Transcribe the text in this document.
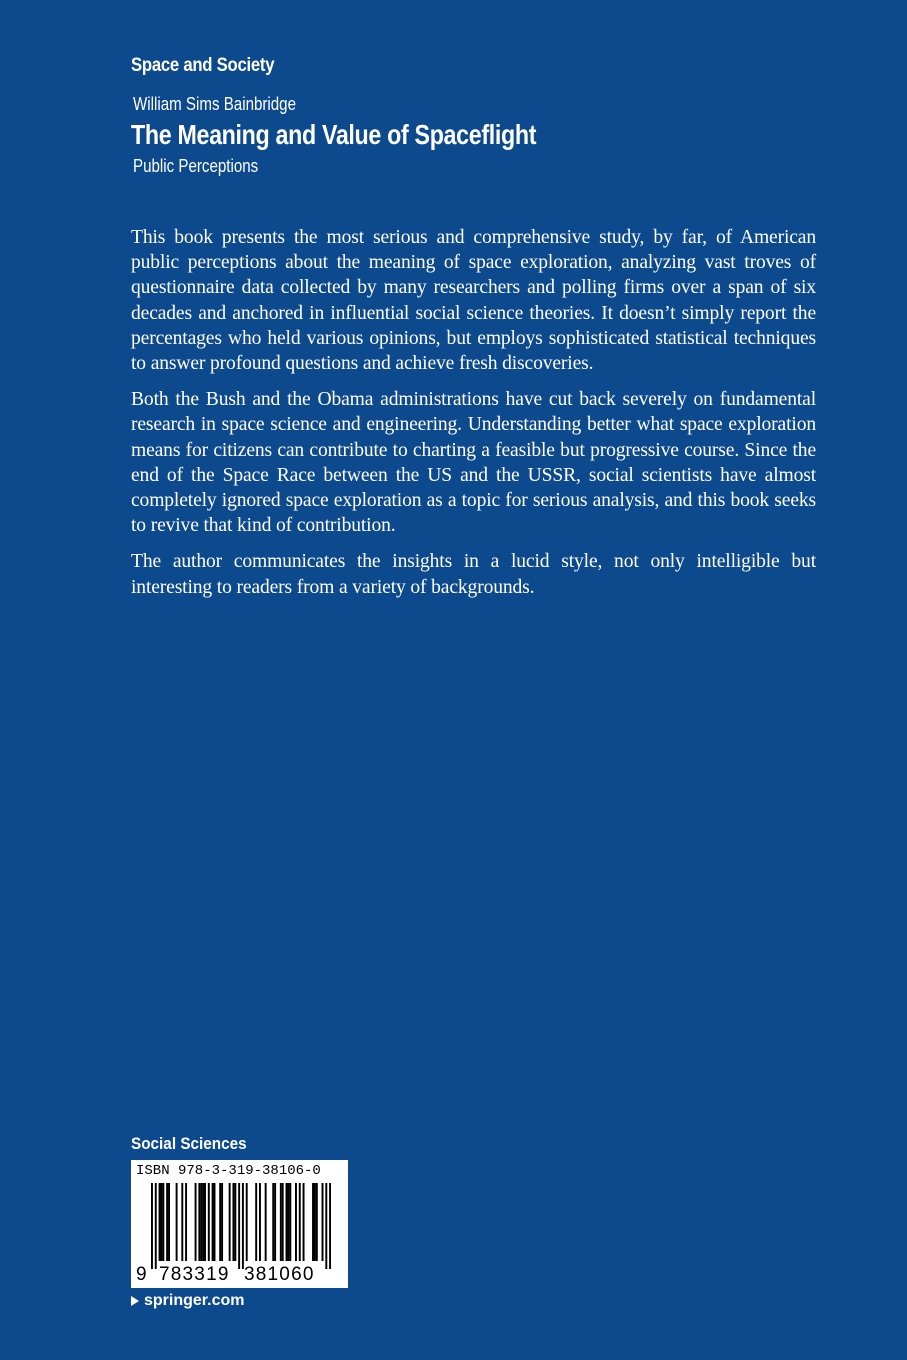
Space and Society
William Sims Bainbridge
The Meaning and Value of Spaceflight
Public Perceptions

This book presents the most serious and comprehensive study, by far, of American public perceptions about the meaning of space exploration, analyzing vast troves of questionnaire data collected by many researchers and polling firms over a span of six decades and anchored in influential social science theories. It doesn’t simply report the percentages who held various opinions, but employs sophisticated statistical techniques to answer profound questions and achieve fresh discoveries.

Both the Bush and the Obama administrations have cut back severely on fundamental research in space science and engineering. Understanding better what space exploration means for citizens can contribute to charting a feasible but progressive course. Since the end of the Space Race between the US and the USSR, social scientists have almost completely ignored space exploration as a topic for serious analysis, and this book seeks to revive that kind of contribution.

The author communicates the insights in a lucid style, not only intelligible but interesting to readers from a variety of backgrounds.

Social Sciences
ISBN 978-3-319-38106-0
9 783319 381060
springer.com
